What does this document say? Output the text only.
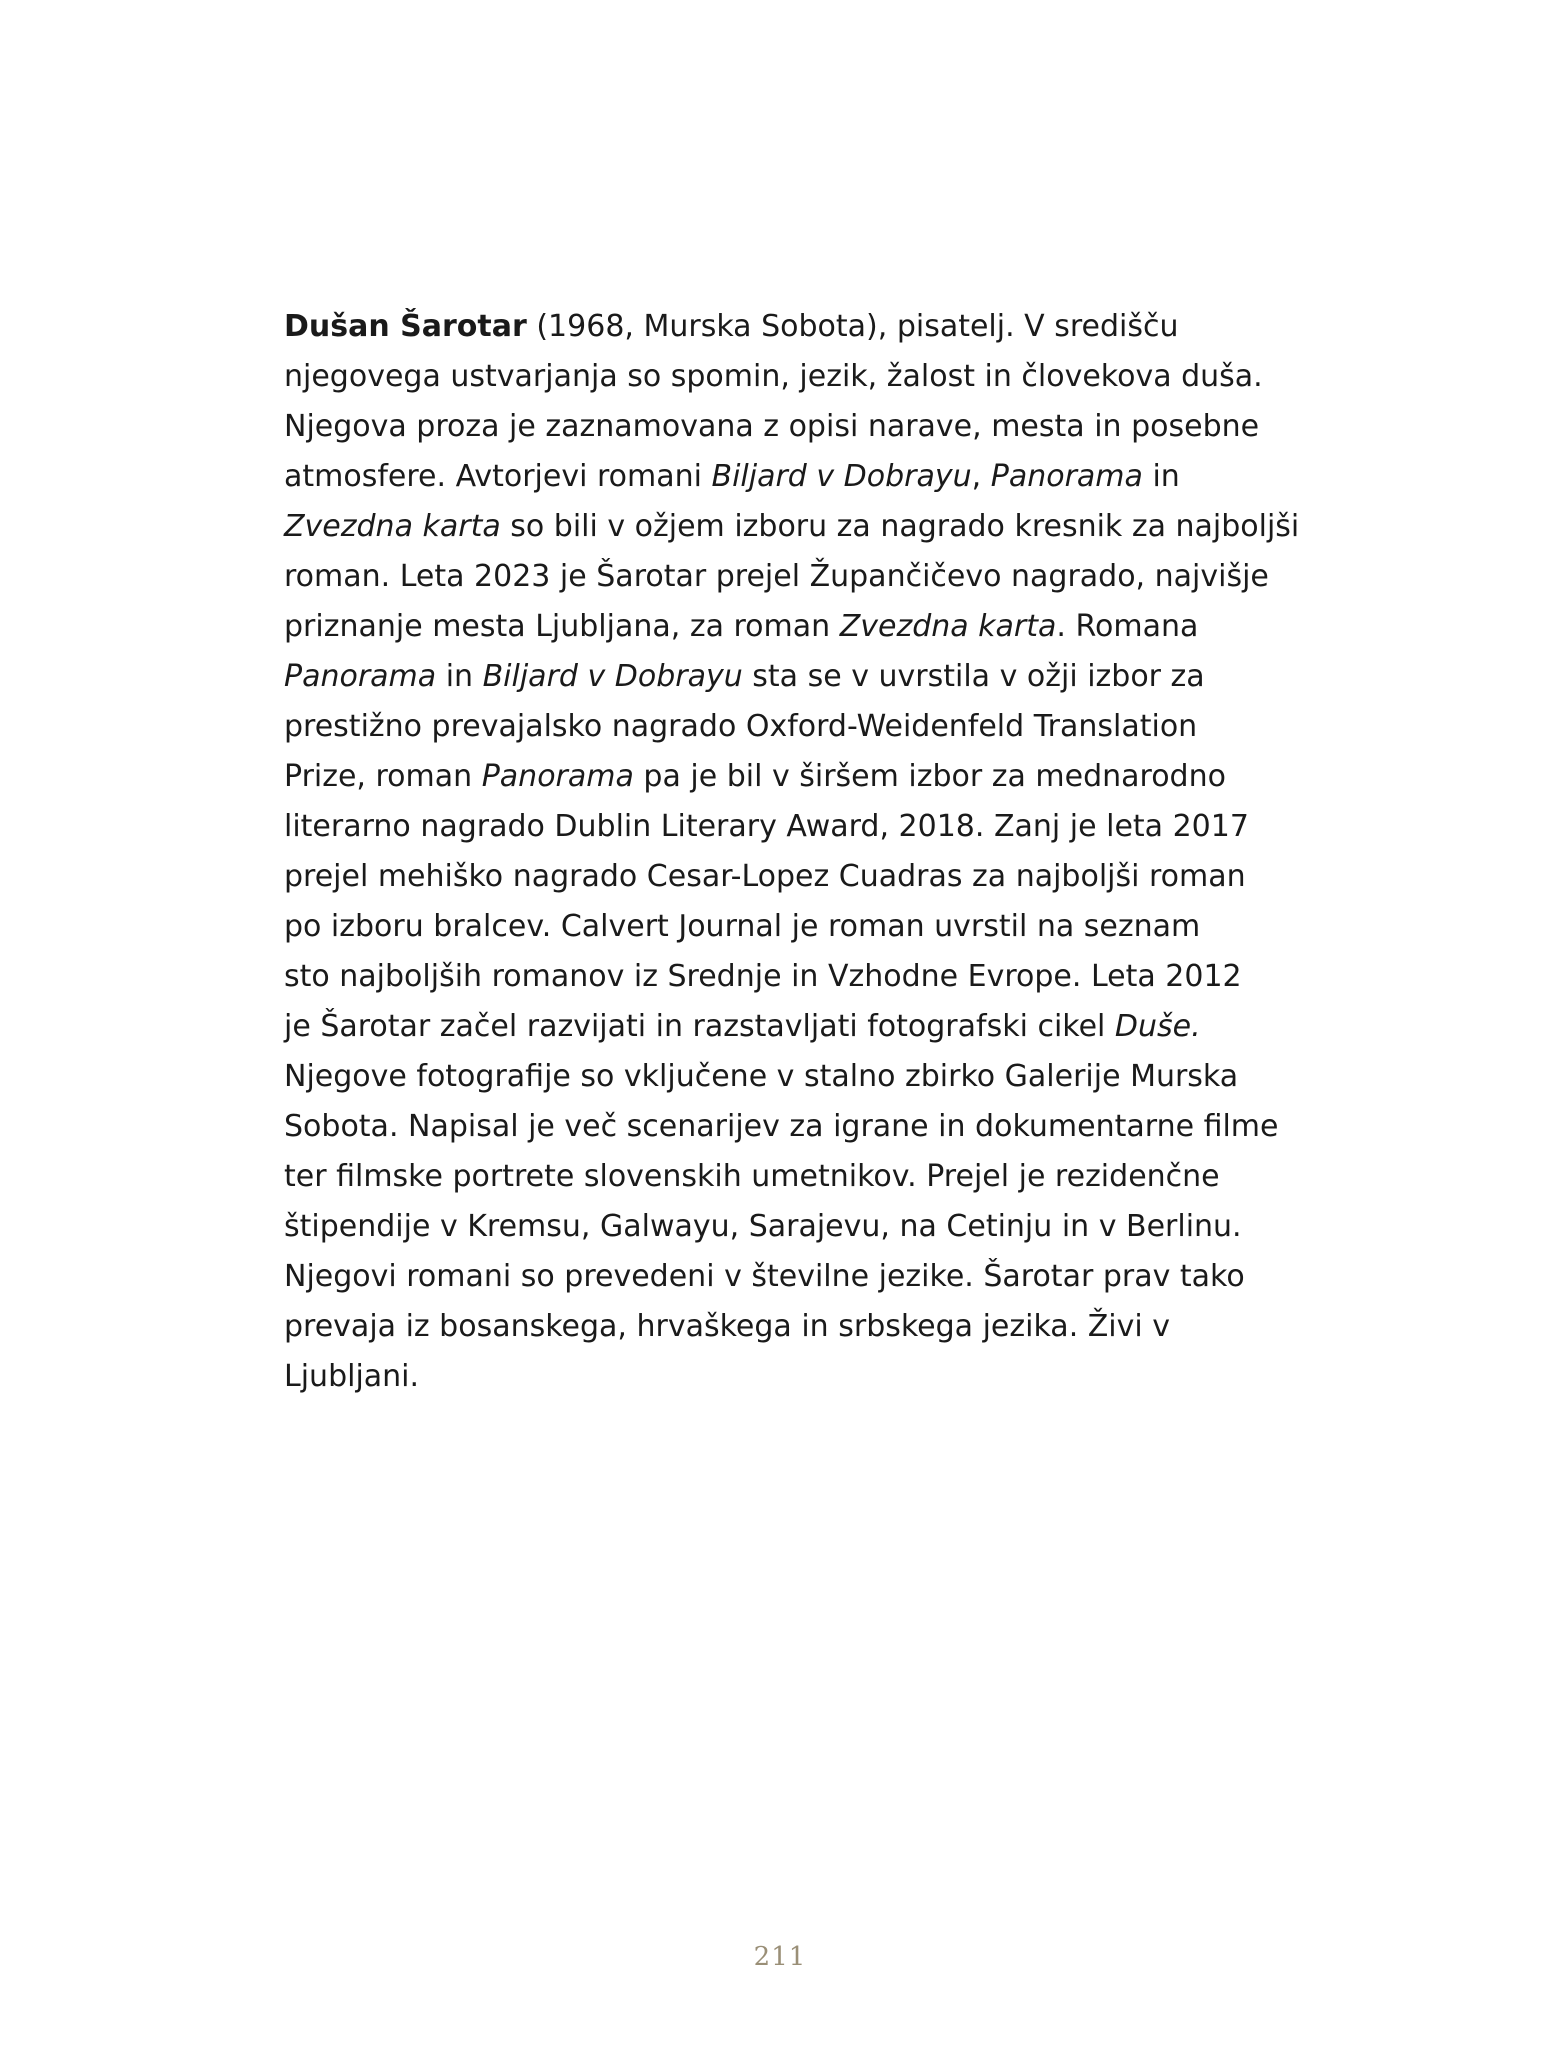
Dušan Šarotar (1968, Murska Sobota), pisatelj. V središču
njegovega ustvarjanja so spomin, jezik, žalost in človekova duša.
Njegova proza je zaznamovana z opisi narave, mesta in posebne
atmosfere. Avtorjevi romani Biljard v Dobrayu, Panorama in
Zvezdna karta so bili v ožjem izboru za nagrado kresnik za najboljši
roman. Leta 2023 je Šarotar prejel Župančičevo nagrado, najvišje
priznanje mesta Ljubljana, za roman Zvezdna karta. Romana
Panorama in Biljard v Dobrayu sta se v uvrstila v ožji izbor za
prestižno prevajalsko nagrado Oxford-Weidenfeld Translation
Prize, roman Panorama pa je bil v širšem izbor za mednarodno
literarno nagrado Dublin Literary Award, 2018. Zanj je leta 2017
prejel mehiško nagrado Cesar-Lopez Cuadras za najboljši roman
po izboru bralcev. Calvert Journal je roman uvrstil na seznam
sto najboljših romanov iz Srednje in Vzhodne Evrope. Leta 2012
je Šarotar začel razvijati in razstavljati fotografski cikel Duše.
Njegove fotografije so vključene v stalno zbirko Galerije Murska
Sobota. Napisal je več scenarijev za igrane in dokumentarne filme
ter filmske portrete slovenskih umetnikov. Prejel je rezidenčne
štipendije v Kremsu, Galwayu, Sarajevu, na Cetinju in v Berlinu.
Njegovi romani so prevedeni v številne jezike. Šarotar prav tako
prevaja iz bosanskega, hrvaškega in srbskega jezika. Živi v
Ljubljani.

211
